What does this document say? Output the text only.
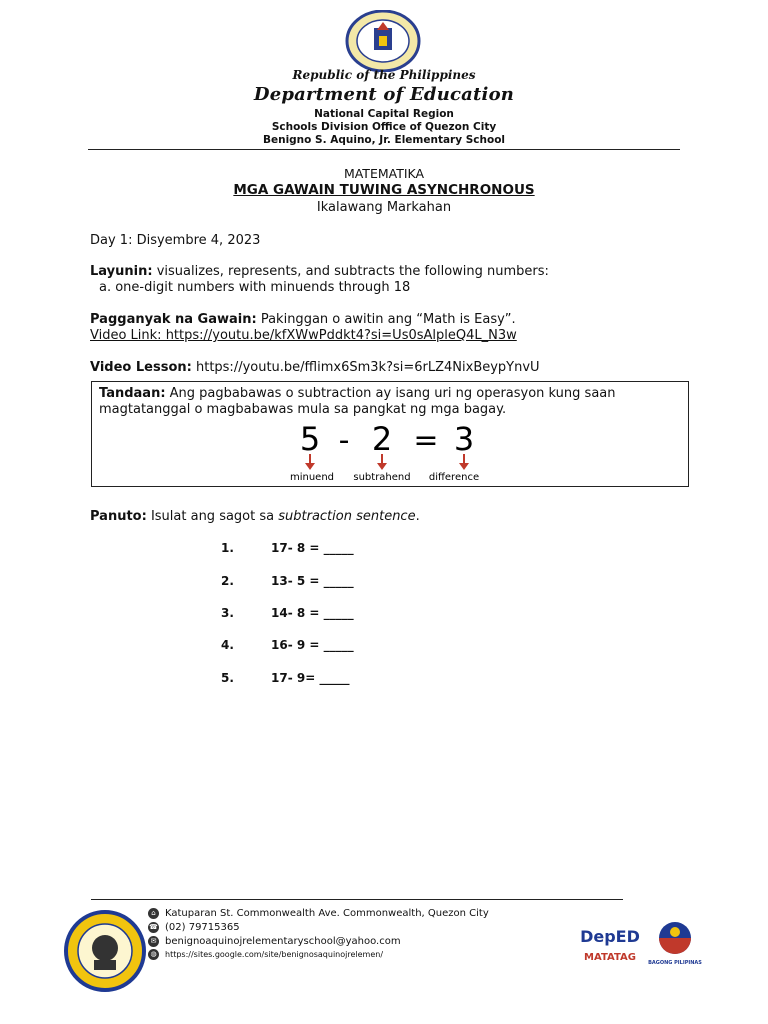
Republic of the Philippines
Department of Education
National Capital Region
Schools Division Office of Quezon City
Benigno S. Aquino, Jr. Elementary School
MATEMATIKA
MGA GAWAIN TUWING ASYNCHRONOUS
Ikalawang Markahan
Day 1: Disyembre 4, 2023
Layunin: visualizes, represents, and subtracts the following numbers:
a. one-digit numbers with minuends through 18
Pagganyak na Gawain: Pakinggan o awitin ang “Math is Easy”.
Video Link: https://youtu.be/kfXWwPddkt4?si=Us0sAlpleQ4L_N3w
Video Lesson: https://youtu.be/fflimx6Sm3k?si=6rLZ4NixBeypYnvU
Tandaan: Ang pagbabawas o subtraction ay isang uri ng operasyon kung saan magtatanggal o magbabawas mula sa pangkat ng mga bagay.
5 - 2 = 3
minuend subtrahend difference
Panuto: Isulat ang sagot sa subtraction sentence.
1.	17- 8 = _____
2.	13- 5 = _____
3.	14- 8 = _____
4.	16- 9 = _____
5.	17- 9= _____
⌂ Katuparan St. Commonwealth Ave. Commonwealth, Quezon City
☎ (02) 79715365
✉ benignoaquinojrelementaryschool@yahoo.com
◍	https://sites.google.com/site/benignosaquinojrelemen/
DepED
MATATAG BAGONG PILIPINAS
